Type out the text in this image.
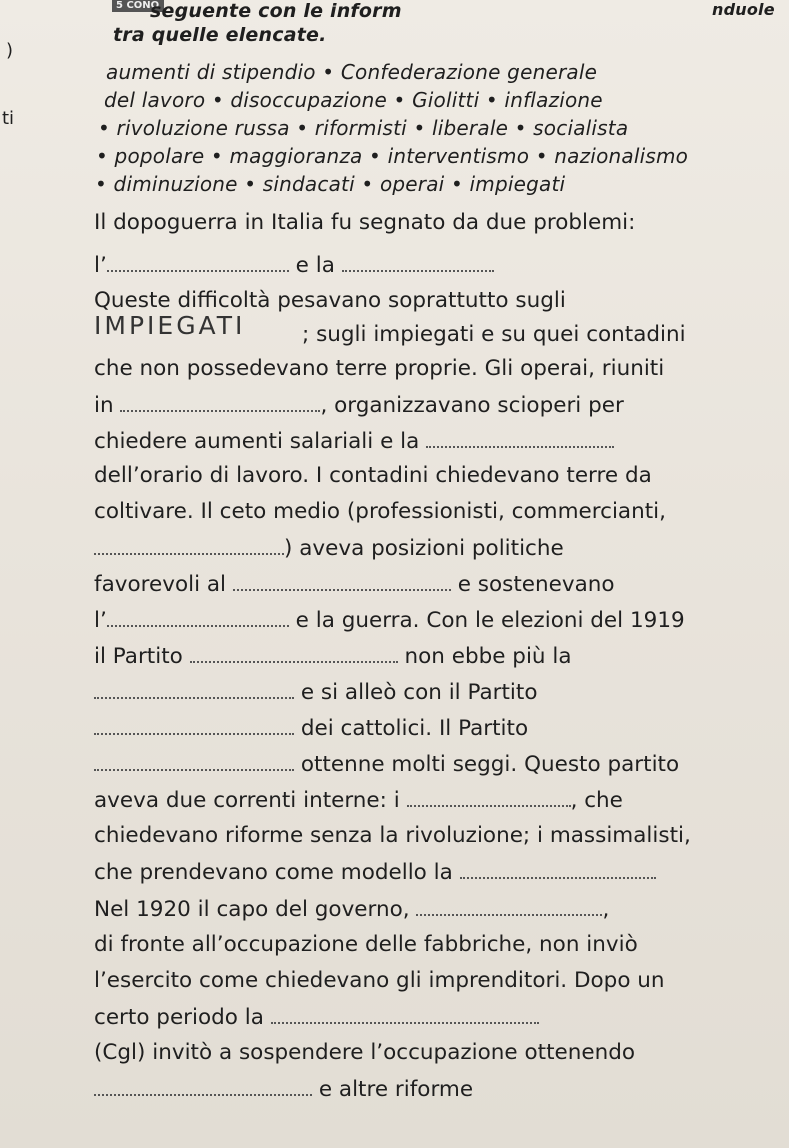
5 CONO
seguente con le inform	nduole
tra quelle elencate.
)
ti
aumenti di stipendio • Confederazione generale
del lavoro • disoccupazione • Giolitti • inflazione
• rivoluzione russa • riformisti • liberale • socialista
• popolare • maggioranza • interventismo • nazionalismo
• diminuzione • sindacati • operai • impiegati
Il dopoguerra in Italia fu segnato da due problemi:
l’	e la
Queste difficoltà pesavano soprattutto sugli
IMPIEGATI	; sugli impiegati e su quei contadini
che non possedevano terre proprie. Gli operai, riuniti
in	, organizzavano scioperi per
chiedere aumenti salariali e la
dell’orario di lavoro. I contadini chiedevano terre da
coltivare. Il ceto medio (professionisti, commercianti,
) aveva posizioni politiche
favorevoli al	e sostenevano
l’	e la guerra. Con le elezioni del 1919
il Partito	non ebbe più la
e si alleò con il Partito
dei cattolici. Il Partito
ottenne molti seggi. Questo partito
aveva due correnti interne: i	, che
chiedevano riforme senza la rivoluzione; i massimalisti,
che prendevano come modello la
Nel 1920 il capo del governo,	,
di fronte all’occupazione delle fabbriche, non inviò
l’esercito come chiedevano gli imprenditori. Dopo un
certo periodo la
(Cgl) invitò a sospendere l’occupazione ottenendo
e altre riforme
